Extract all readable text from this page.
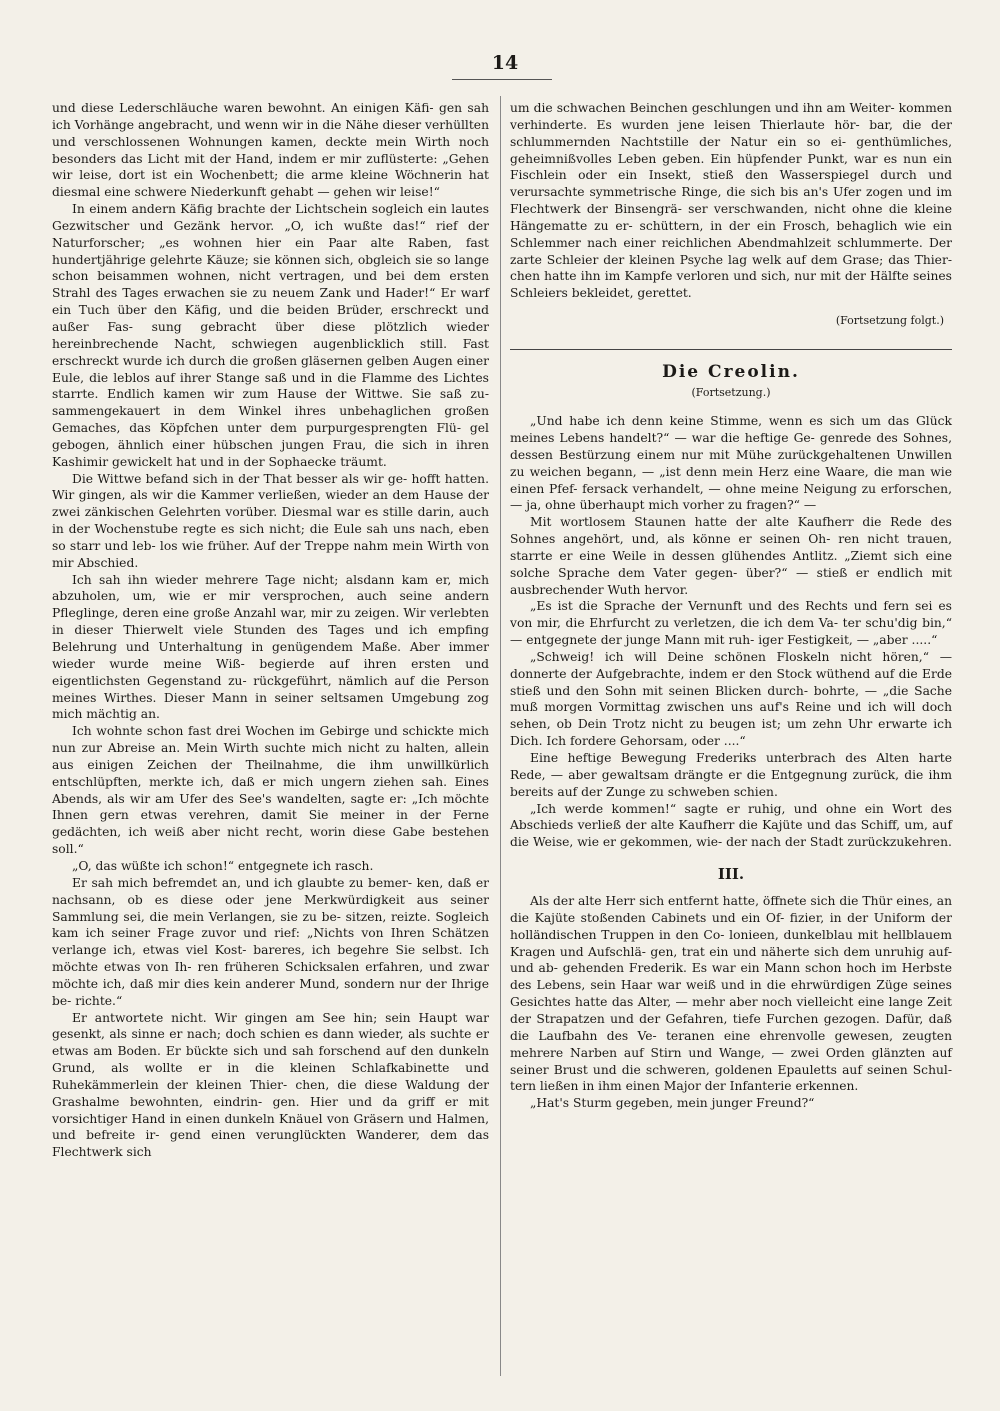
14

und diese Lederschläuche waren bewohnt. An einigen Käfi- gen sah ich Vorhänge angebracht, und wenn wir in die Nähe dieser verhüllten und verschlossenen Wohnungen kamen, deckte mein Wirth noch besonders das Licht mit der Hand, indem er mir zuflüsterte: „Gehen wir leise, dort ist ein Wochenbett; die arme kleine Wöchnerin hat diesmal eine schwere Niederkunft gehabt — gehen wir leise!“

In einem andern Käfig brachte der Lichtschein sogleich ein lautes Gezwitscher und Gezänk hervor. „O, ich wußte das!“ rief der Naturforscher; „es wohnen hier ein Paar alte Raben, fast hundertjährige gelehrte Käuze; sie können sich, obgleich sie so lange schon beisammen wohnen, nicht vertragen, und bei dem ersten Strahl des Tages erwachen sie zu neuem Zank und Hader!“ Er warf ein Tuch über den Käfig, und die beiden Brüder, erschreckt und außer Fas- sung gebracht über diese plötzlich wieder hereinbrechende Nacht, schwiegen augenblicklich still. Fast erschreckt wurde ich durch die großen gläsernen gelben Augen einer Eule, die leblos auf ihrer Stange saß und in die Flamme des Lichtes starrte. Endlich kamen wir zum Hause der Wittwe. Sie saß zu- sammengekauert in dem Winkel ihres unbehaglichen großen Gemaches, das Köpfchen unter dem purpurgesprengten Flü- gel gebogen, ähnlich einer hübschen jungen Frau, die sich in ihren Kashimir gewickelt hat und in der Sophaecke träumt.

Die Wittwe befand sich in der That besser als wir ge- hofft hatten. Wir gingen, als wir die Kammer verließen, wieder an dem Hause der zwei zänkischen Gelehrten vorüber. Diesmal war es stille darin, auch in der Wochenstube regte es sich nicht; die Eule sah uns nach, eben so starr und leb- los wie früher. Auf der Treppe nahm mein Wirth von mir Abschied.

Ich sah ihn wieder mehrere Tage nicht; alsdann kam er, mich abzuholen, um, wie er mir versprochen, auch seine andern Pfleglinge, deren eine große Anzahl war, mir zu zeigen. Wir verlebten in dieser Thierwelt viele Stunden des Tages und ich empfing Belehrung und Unterhaltung in genügendem Maße. Aber immer wieder wurde meine Wiß- begierde auf ihren ersten und eigentlichsten Gegenstand zu- rückgeführt, nämlich auf die Person meines Wirthes. Dieser Mann in seiner seltsamen Umgebung zog mich mächtig an.

Ich wohnte schon fast drei Wochen im Gebirge und schickte mich nun zur Abreise an. Mein Wirth suchte mich nicht zu halten, allein aus einigen Zeichen der Theilnahme, die ihm unwillkürlich entschlüpften, merkte ich, daß er mich ungern ziehen sah. Eines Abends, als wir am Ufer des See's wandelten, sagte er: „Ich möchte Ihnen gern etwas verehren, damit Sie meiner in der Ferne gedächten, ich weiß aber nicht recht, worin diese Gabe bestehen soll.“

„O, das wüßte ich schon!“ entgegnete ich rasch.

Er sah mich befremdet an, und ich glaubte zu bemer- ken, daß er nachsann, ob es diese oder jene Merkwürdigkeit aus seiner Sammlung sei, die mein Verlangen, sie zu be- sitzen, reizte. Sogleich kam ich seiner Frage zuvor und rief: „Nichts von Ihren Schätzen verlange ich, etwas viel Kost- bareres, ich begehre Sie selbst. Ich möchte etwas von Ih- ren früheren Schicksalen erfahren, und zwar möchte ich, daß mir dies kein anderer Mund, sondern nur der Ihrige be- richte.“

Er antwortete nicht. Wir gingen am See hin; sein Haupt war gesenkt, als sinne er nach; doch schien es dann wieder, als suchte er etwas am Boden. Er bückte sich und sah forschend auf den dunkeln Grund, als wollte er in die kleinen Schlafkabinette und Ruhekämmerlein der kleinen Thier- chen, die diese Waldung der Grashalme bewohnten, eindrin- gen. Hier und da griff er mit vorsichtiger Hand in einen dunkeln Knäuel von Gräsern und Halmen, und befreite ir- gend einen verunglückten Wanderer, dem das Flechtwerk sich

um die schwachen Beinchen geschlungen und ihn am Weiter- kommen verhinderte. Es wurden jene leisen Thierlaute hör- bar, die der schlummernden Nachtstille der Natur ein so ei- genthümliches, geheimnißvolles Leben geben. Ein hüpfender Punkt, war es nun ein Fischlein oder ein Insekt, stieß den Wasserspiegel durch und verursachte symmetrische Ringe, die sich bis an's Ufer zogen und im Flechtwerk der Binsengrä- ser verschwanden, nicht ohne die kleine Hängematte zu er- schüttern, in der ein Frosch, behaglich wie ein Schlemmer nach einer reichlichen Abendmahlzeit schlummerte. Der zarte Schleier der kleinen Psyche lag welk auf dem Grase; das Thier- chen hatte ihn im Kampfe verloren und sich, nur mit der Hälfte seines Schleiers bekleidet, gerettet.

(Fortsetzung folgt.)
Die Creolin.
(Fortsetzung.)

„Und habe ich denn keine Stimme, wenn es sich um das Glück meines Lebens handelt?“ — war die heftige Ge- genrede des Sohnes, dessen Bestürzung einem nur mit Mühe zurückgehaltenen Unwillen zu weichen begann, — „ist denn mein Herz eine Waare, die man wie einen Pfef- fersack verhandelt, — ohne meine Neigung zu erforschen, — ja, ohne überhaupt mich vorher zu fragen?“ —

Mit wortlosem Staunen hatte der alte Kaufherr die Rede des Sohnes angehört, und, als könne er seinen Oh- ren nicht trauen, starrte er eine Weile in dessen glühendes Antlitz. „Ziemt sich eine solche Sprache dem Vater gegen- über?“ — stieß er endlich mit ausbrechender Wuth hervor.

„Es ist die Sprache der Vernunft und des Rechts und fern sei es von mir, die Ehrfurcht zu verletzen, die ich dem Va- ter schu'dig bin,“ — entgegnete der junge Mann mit ruh- iger Festigkeit, — „aber .....“

„Schweig! ich will Deine schönen Floskeln nicht hören,“ — donnerte der Aufgebrachte, indem er den Stock wüthend auf die Erde stieß und den Sohn mit seinen Blicken durch- bohrte, — „die Sache muß morgen Vormittag zwischen uns auf's Reine und ich will doch sehen, ob Dein Trotz nicht zu beugen ist; um zehn Uhr erwarte ich Dich. Ich fordere Gehorsam, oder ....“

Eine heftige Bewegung Frederiks unterbrach des Alten harte Rede, — aber gewaltsam drängte er die Entgegnung zurück, die ihm bereits auf der Zunge zu schweben schien.

„Ich werde kommen!“ sagte er ruhig, und ohne ein Wort des Abschieds verließ der alte Kaufherr die Kajüte und das Schiff, um, auf die Weise, wie er gekommen, wie- der nach der Stadt zurückzukehren.

III.

Als der alte Herr sich entfernt hatte, öffnete sich die Thür eines, an die Kajüte stoßenden Cabinets und ein Of- fizier, in der Uniform der holländischen Truppen in den Co- lonieen, dunkelblau mit hellblauem Kragen und Aufschlä- gen, trat ein und näherte sich dem unruhig auf- und ab- gehenden Frederik. Es war ein Mann schon hoch im Herbste des Lebens, sein Haar war weiß und in die ehrwürdigen Züge seines Gesichtes hatte das Alter, — mehr aber noch vielleicht eine lange Zeit der Strapatzen und der Gefahren, tiefe Furchen gezogen. Dafür, daß die Laufbahn des Ve- teranen eine ehrenvolle gewesen, zeugten mehrere Narben auf Stirn und Wange, — zwei Orden glänzten auf seiner Brust und die schweren, goldenen Epauletts auf seinen Schul- tern ließen in ihm einen Major der Infanterie erkennen.

„Hat's Sturm gegeben, mein junger Freund?“
